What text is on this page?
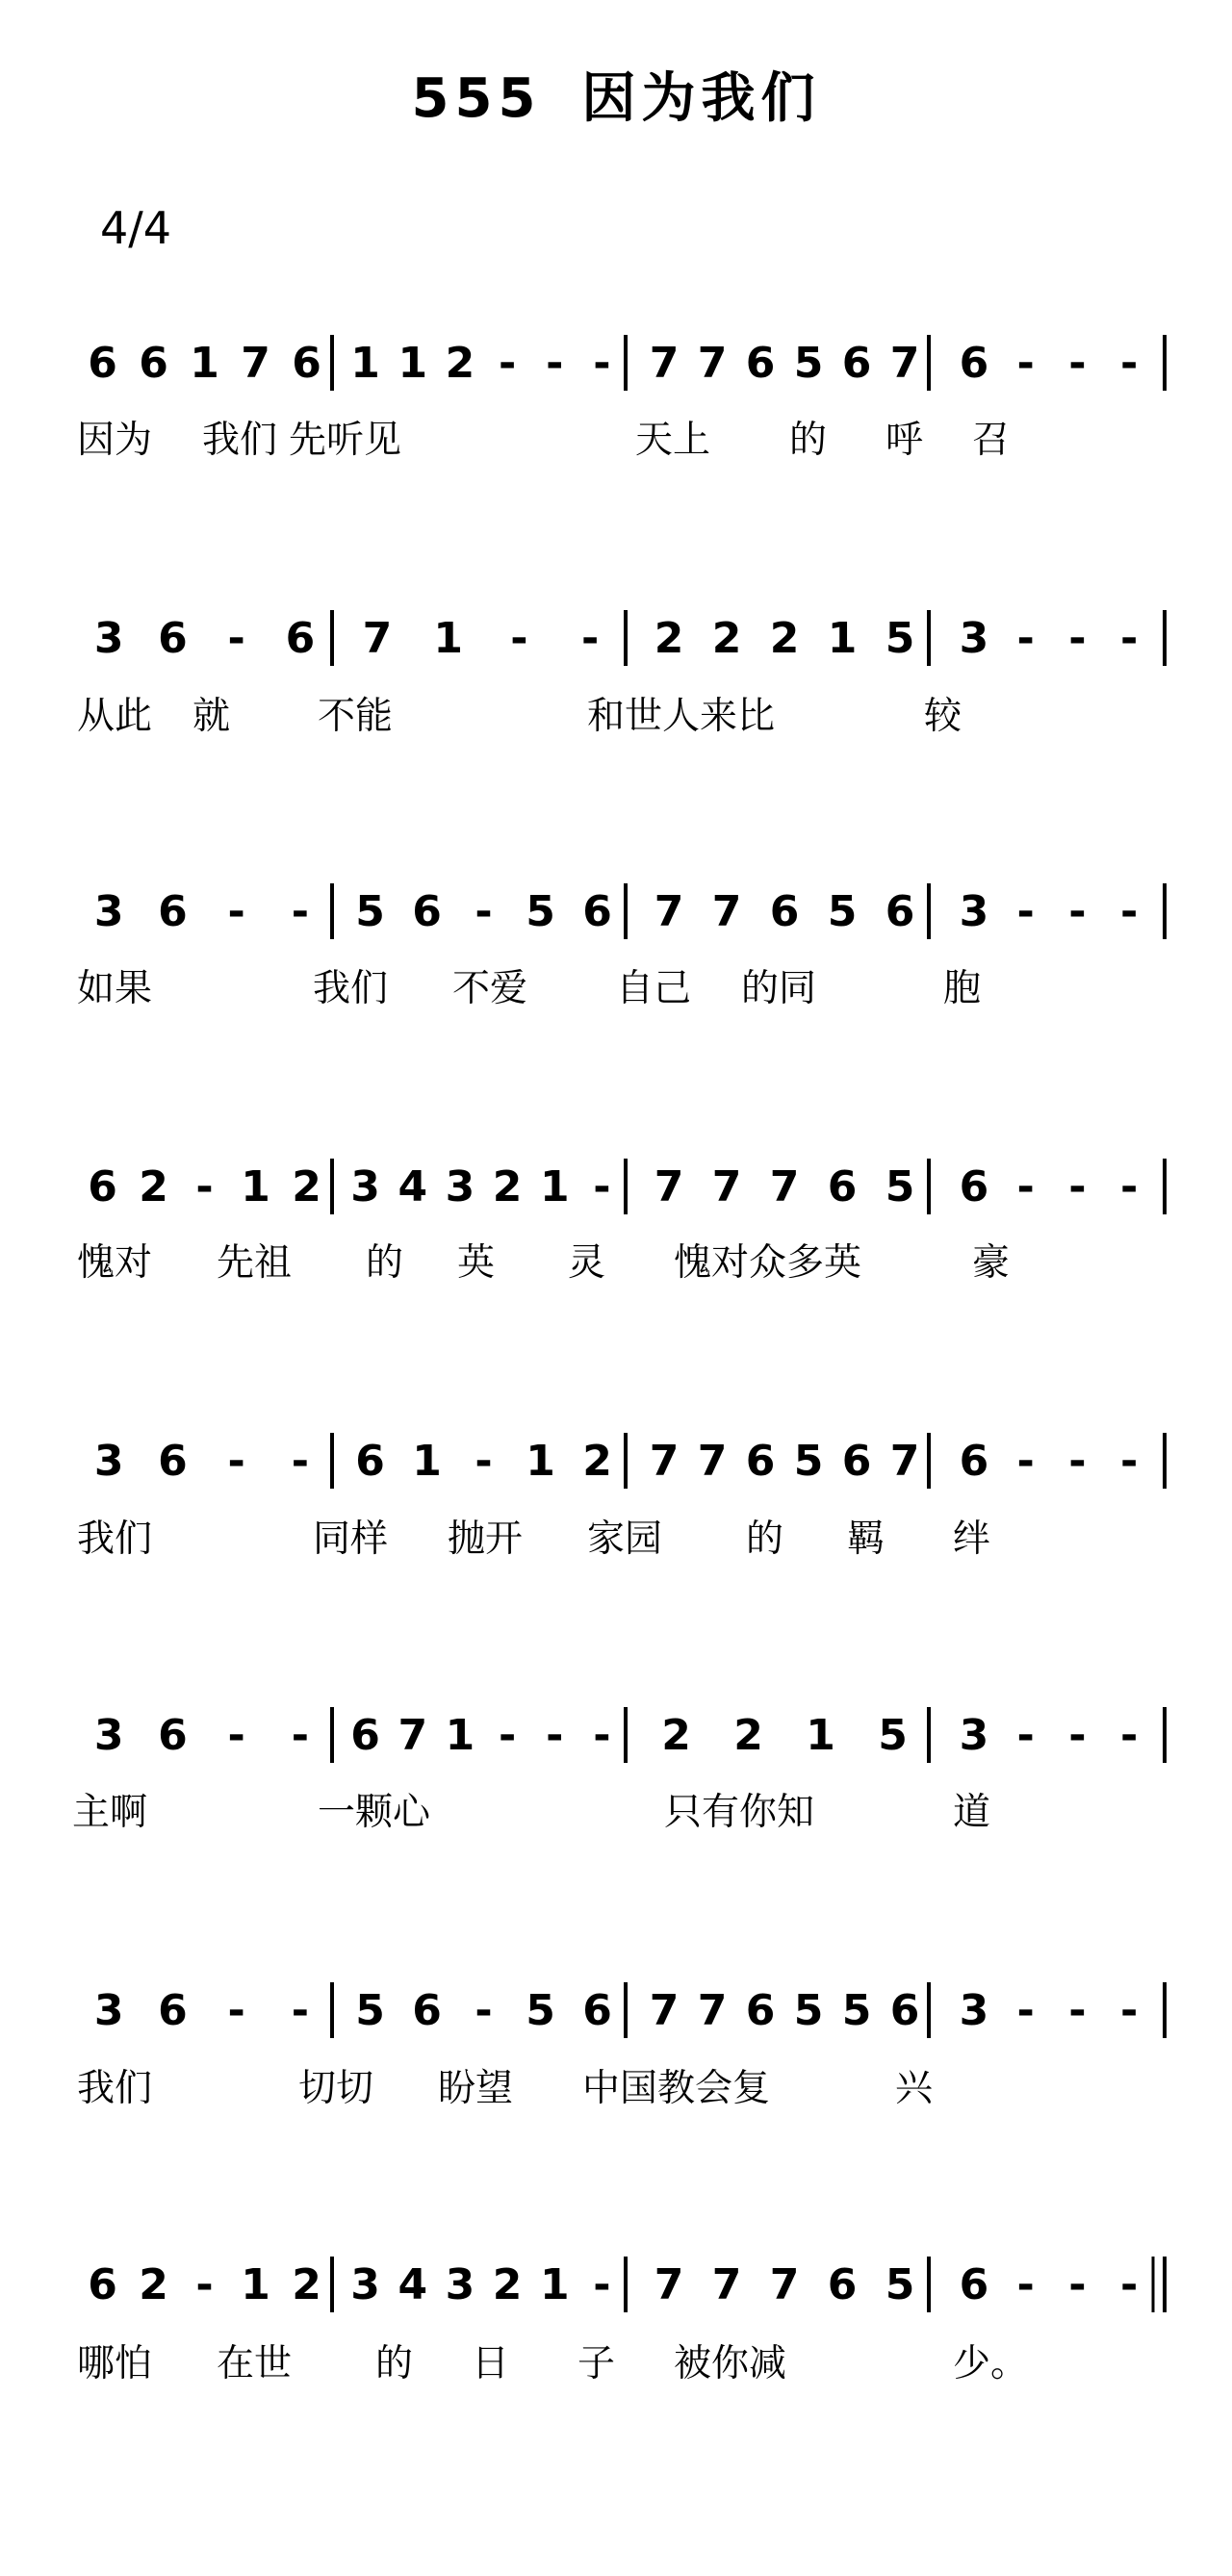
555 因为我们
4/4
6 6 1 7 6 1 1 2 - - - 7 7 6 5 6 7 6 - - -
因为 我们 先听见	天上 的 呼 召
3 6 - 6 7 1 - - 2 2 2 1 5 3 - - -
从此 就 不能	和世人来比	较
3 6 - - 5 6 - 5 6 7 7 6 5 6 3 - - -
如果	我们 不爱 自己 的同	胞
6 2 - 1 2 3 4 3 2 1 - 7 7 7 6 5 6 - - -
愧对 先祖 的 英 灵 愧对众多英	豪
3 6 - - 6 1 - 1 2 7 7 6 5 6 7 6 - - -
我们	同样 抛开 家园 的 羁 绊
3 6 - - 6 7 1 - - - 2 2 1 5 3 - - -
主啊	一颗心	只有你知	道
3 6 - - 5 6 - 5 6 7 7 6 5 5 6 3 - - -
我们	切切 盼望 中国教会复	兴
6 2 - 1 2 3 4 3 2 1 - 7 7 7 6 5 6 - - -
哪怕 在世 的 日 子 被你减	少。
